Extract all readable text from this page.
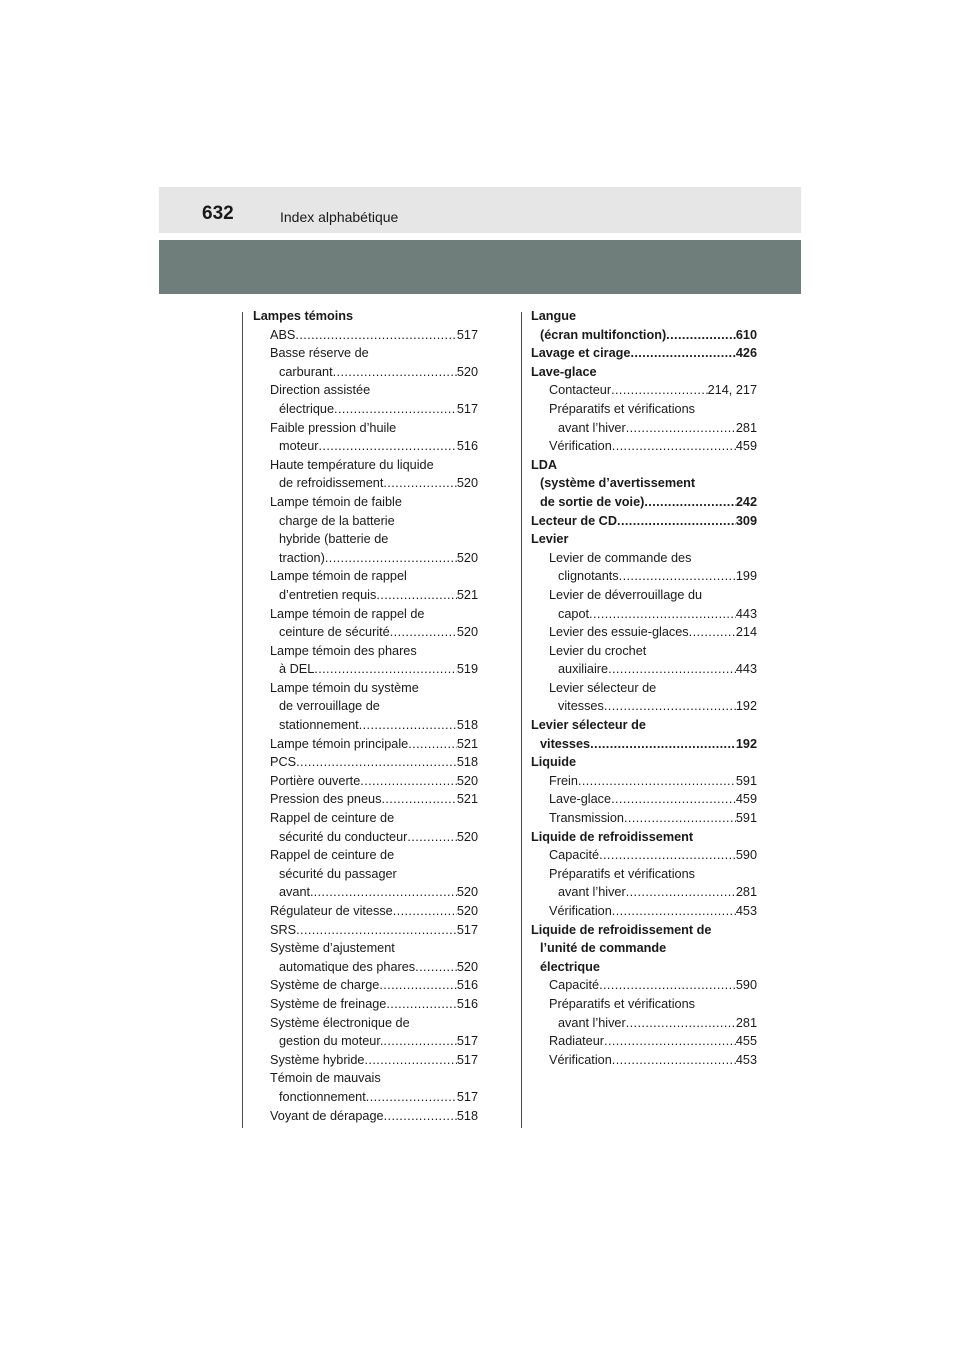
632	Index alphabétique
Lampes témoins
ABS .....	517
Basse réserve de
carburant .....	520
Direction assistée
électrique .....	517
Faible pression d’huile
moteur .....	516
Haute température du liquide
de refroidissement .....	520
Lampe témoin de faible
charge de la batterie
hybride (batterie de
traction) .....	520
Lampe témoin de rappel
d’entretien requis .....	521
Lampe témoin de rappel de
ceinture de sécurité .....	520
Lampe témoin des phares
à DEL .....	519
Lampe témoin du système
de verrouillage de
stationnement .....	518
Lampe témoin principale .....	521
PCS .....	518
Portière ouverte .....	520
Pression des pneus .....	521
Rappel de ceinture de
sécurité du conducteur .....	520
Rappel de ceinture de
sécurité du passager
avant. .....	520
Régulateur de vitesse .....	520
SRS .....	517
Système d’ajustement
automatique des phares .....	520
Système de charge .....	516
Système de freinage .....	516
Système électronique de
gestion du moteur. .....	517
Système hybride .....	517
Témoin de mauvais
fonctionnement .....	517
Voyant de dérapage .....	518
Langue
(écran multifonction) .....	610
Lavage et cirage .....	426
Lave-glace
Contacteur .....	214, 217
Préparatifs et vérifications
avant l’hiver .....	281
Vérification .....	459
LDA
(système d’avertissement
de sortie de voie) .....	242
Lecteur de CD .....	309
Levier
Levier de commande des
clignotants .....	199
Levier de déverrouillage du
capot .....	443
Levier des essuie-glaces .....	214
Levier du crochet
auxiliaire .....	443
Levier sélecteur de
vitesses .....	192
Levier sélecteur de
vitesses .....	192
Liquide
Frein .....	591
Lave-glace .....	459
Transmission .....	591
Liquide de refroidissement
Capacité .....	590
Préparatifs et vérifications
avant l’hiver .....	281
Vérification .....	453
Liquide de refroidissement de
l’unité de commande
électrique
Capacité .....	590
Préparatifs et vérifications
avant l’hiver .....	281
Radiateur .....	455
Vérification .....	453
